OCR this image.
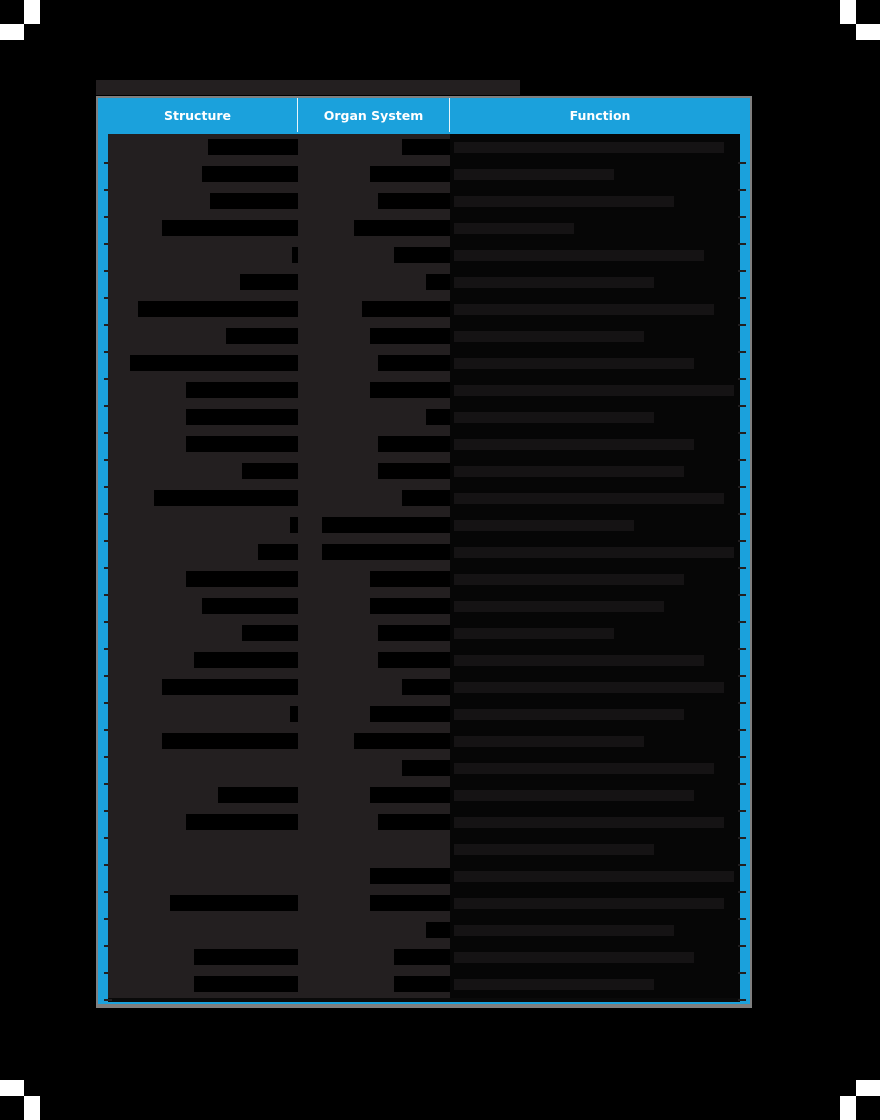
Structure	Organ System	Function
